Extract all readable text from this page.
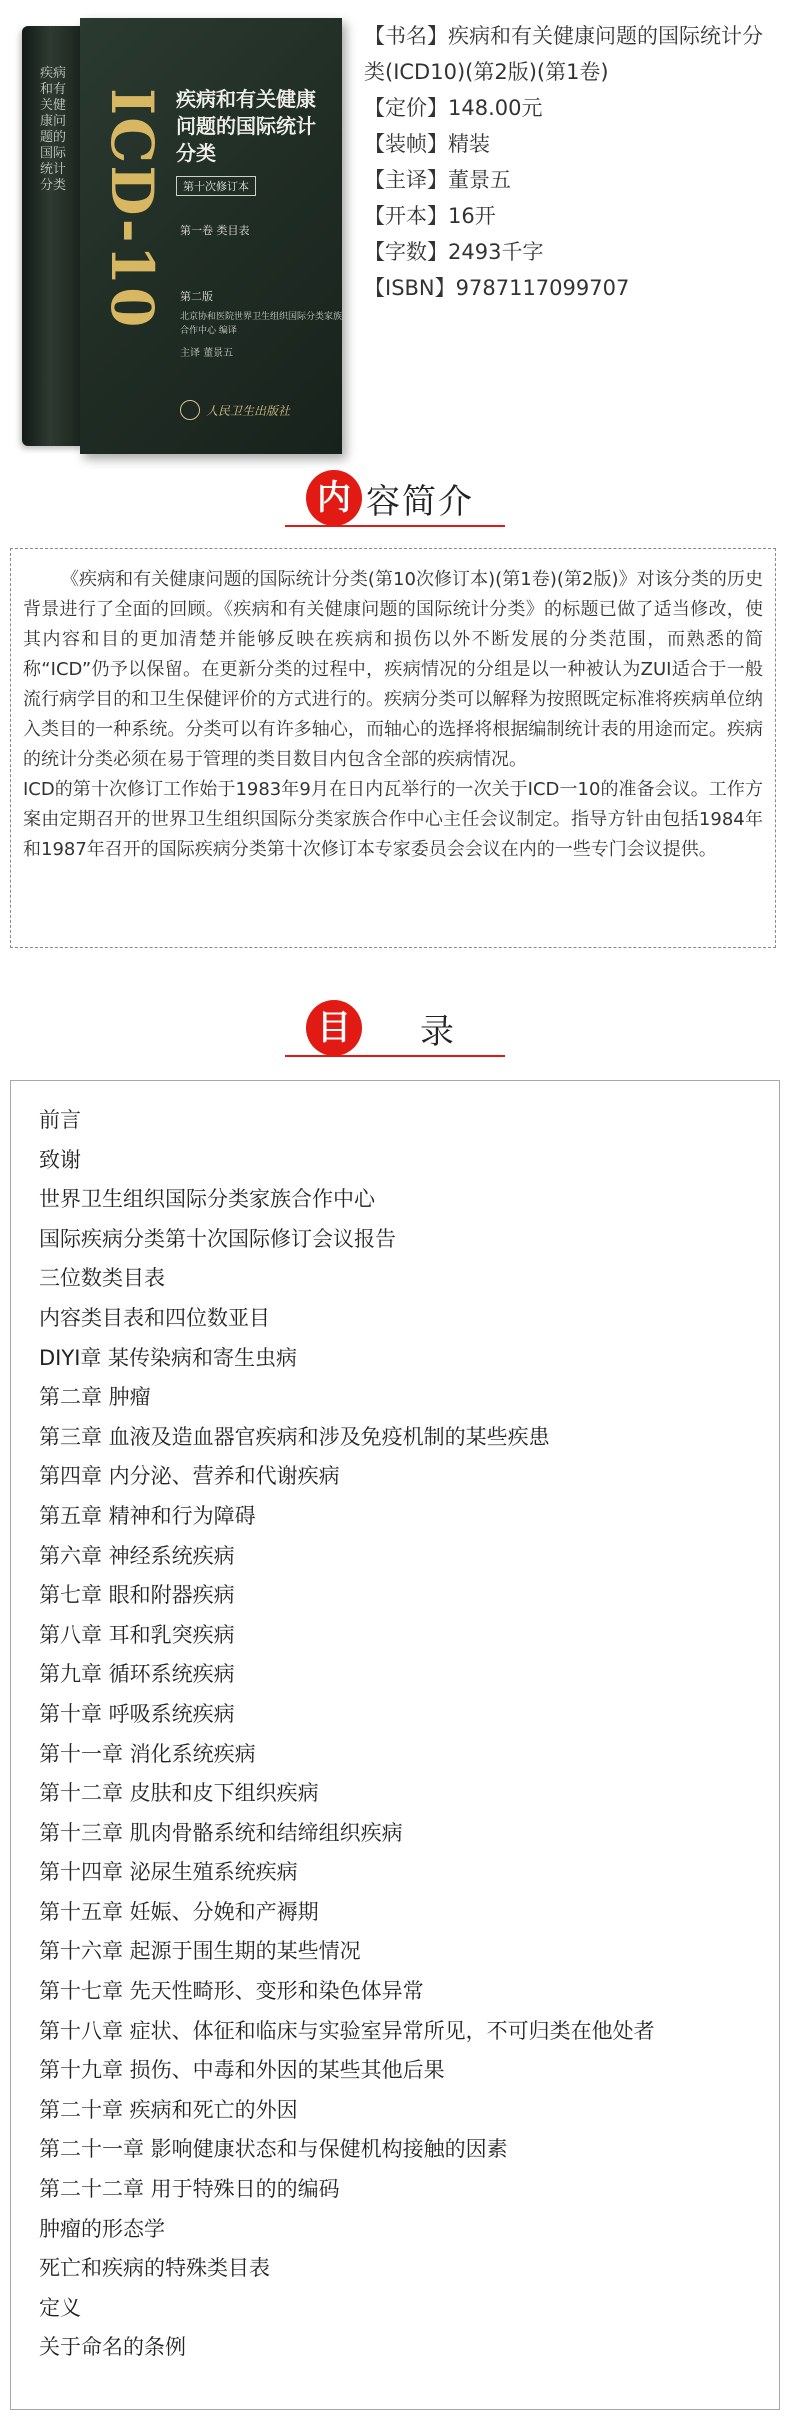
疾病和有关健康问题的国际统计分类 ICD-10 疾病和有关健康问题的国际统计分类
第十次修订本
第一卷 类目表
第二版
北京协和医院世界卫生组织国际分类家族合作中心 编译
主译 董景五
人民卫生出版社
【书名】疾病和有关健康问题的国际统计分类(ICD10)(第2版)(第1卷)
【定价】148.00元
【装帧】精装
【主译】董景五
【开本】16开
【字数】2493千字
【ISBN】9787117099707
内 容简介

《疾病和有关健康问题的国际统计分类(第10次修订本)(第1卷)(第2版)》对该分类的历史背景进行了全面的回顾。《疾病和有关健康问题的国际统计分类》的标题已做了适当修改，使其内容和目的更加清楚并能够反映在疾病和损伤以外不断发展的分类范围，而熟悉的简称“ICD”仍予以保留。在更新分类的过程中，疾病情况的分组是以一种被认为ZUI适合于一般流行病学目的和卫生保健评价的方式进行的。疾病分类可以解释为按照既定标准将疾病单位纳入类目的一种系统。分类可以有许多轴心，而轴心的选择将根据编制统计表的用途而定。疾病的统计分类必须在易于管理的类目数目内包含全部的疾病情况。

ICD的第十次修订工作始于1983年9月在日内瓦举行的一次关于ICD一10的准备会议。工作方案由定期召开的世界卫生组织国际分类家族合作中心主任会议制定。指导方针由包括1984年和1987年召开的国际疾病分类第十次修订本专家委员会会议在内的一些专门会议提供。

目	录
前言
致谢
世界卫生组织国际分类家族合作中心
国际疾病分类第十次国际修订会议报告
三位数类目表
内容类目表和四位数亚目
DIYI章 某传染病和寄生虫病
第二章 肿瘤
第三章 血液及造血器官疾病和涉及免疫机制的某些疾患
第四章 内分泌、营养和代谢疾病
第五章 精神和行为障碍
第六章 神经系统疾病
第七章 眼和附器疾病
第八章 耳和乳突疾病
第九章 循环系统疾病
第十章 呼吸系统疾病
第十一章 消化系统疾病
第十二章 皮肤和皮下组织疾病
第十三章 肌肉骨骼系统和结缔组织疾病
第十四章 泌尿生殖系统疾病
第十五章 妊娠、分娩和产褥期
第十六章 起源于围生期的某些情况
第十七章 先天性畸形、变形和染色体异常
第十八章 症状、体征和临床与实验室异常所见，不可归类在他处者
第十九章 损伤、中毒和外因的某些其他后果
第二十章 疾病和死亡的外因
第二十一章 影响健康状态和与保健机构接触的因素
第二十二章 用于特殊日的的编码
肿瘤的形态学
死亡和疾病的特殊类目表
定义
关于命名的条例
